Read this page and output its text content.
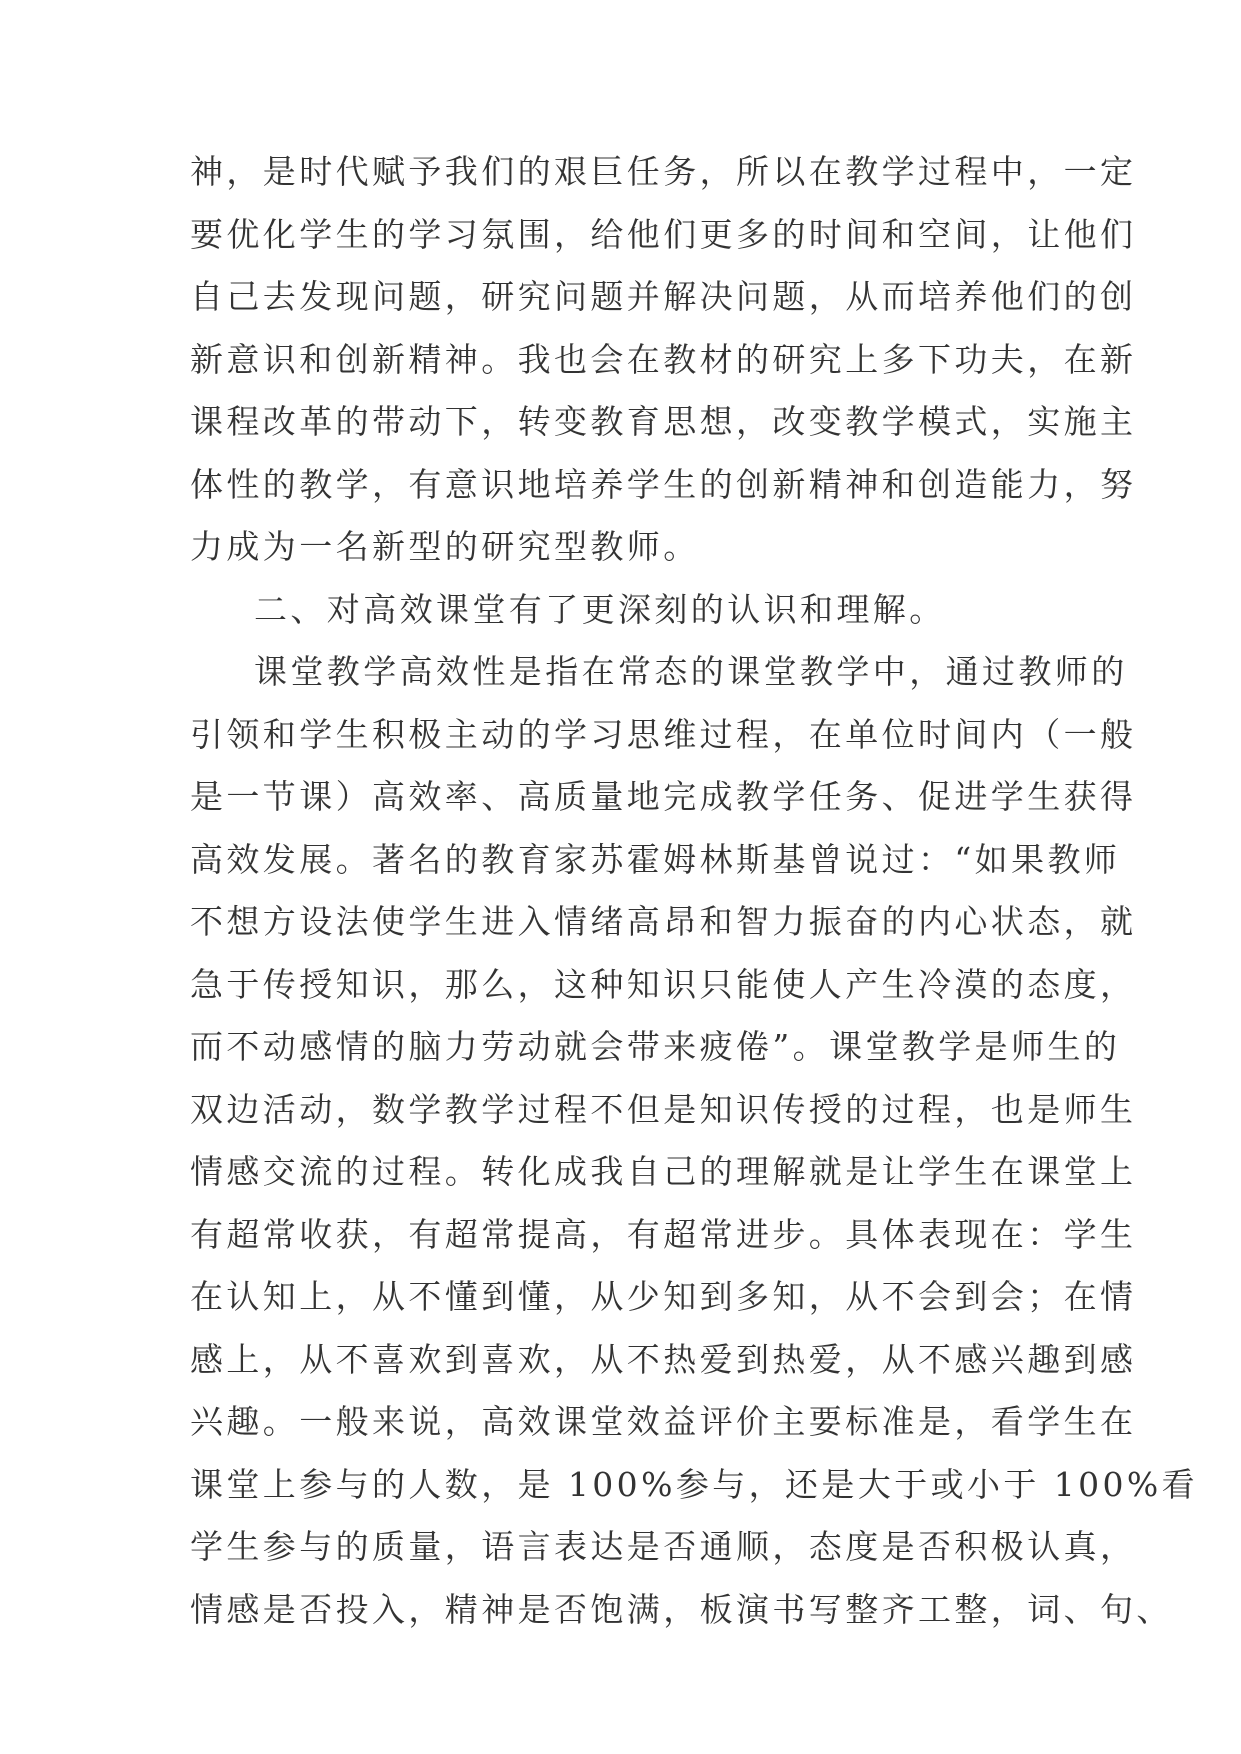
神，是时代赋予我们的艰巨任务，所以在教学过程中，一定
要优化学生的学习氛围，给他们更多的时间和空间，让他们
自己去发现问题，研究问题并解决问题，从而培养他们的创
新意识和创新精神。我也会在教材的研究上多下功夫，在新
课程改革的带动下，转变教育思想，改变教学模式，实施主
体性的教学，有意识地培养学生的创新精神和创造能力，努
力成为一名新型的研究型教师。
二、对高效课堂有了更深刻的认识和理解。
课堂教学高效性是指在常态的课堂教学中，通过教师的
引领和学生积极主动的学习思维过程，在单位时间内（一般
是一节课）高效率、高质量地完成教学任务、促进学生获得
高效发展。著名的教育家苏霍姆林斯基曾说过：“如果教师
不想方设法使学生进入情绪高昂和智力振奋的内心状态，就
急于传授知识，那么，这种知识只能使人产生冷漠的态度，
而不动感情的脑力劳动就会带来疲倦”。课堂教学是师生的
双边活动，数学教学过程不但是知识传授的过程，也是师生
情感交流的过程。转化成我自己的理解就是让学生在课堂上
有超常收获，有超常提高，有超常进步。具体表现在：学生
在认知上，从不懂到懂，从少知到多知，从不会到会；在情
感上，从不喜欢到喜欢，从不热爱到热爱，从不感兴趣到感
兴趣。一般来说，高效课堂效益评价主要标准是，看学生在
课堂上参与的人数，是 100%参与，还是大于或小于 100%看
学生参与的质量，语言表达是否通顺，态度是否积极认真，
情感是否投入，精神是否饱满，板演书写整齐工整，词、句、
